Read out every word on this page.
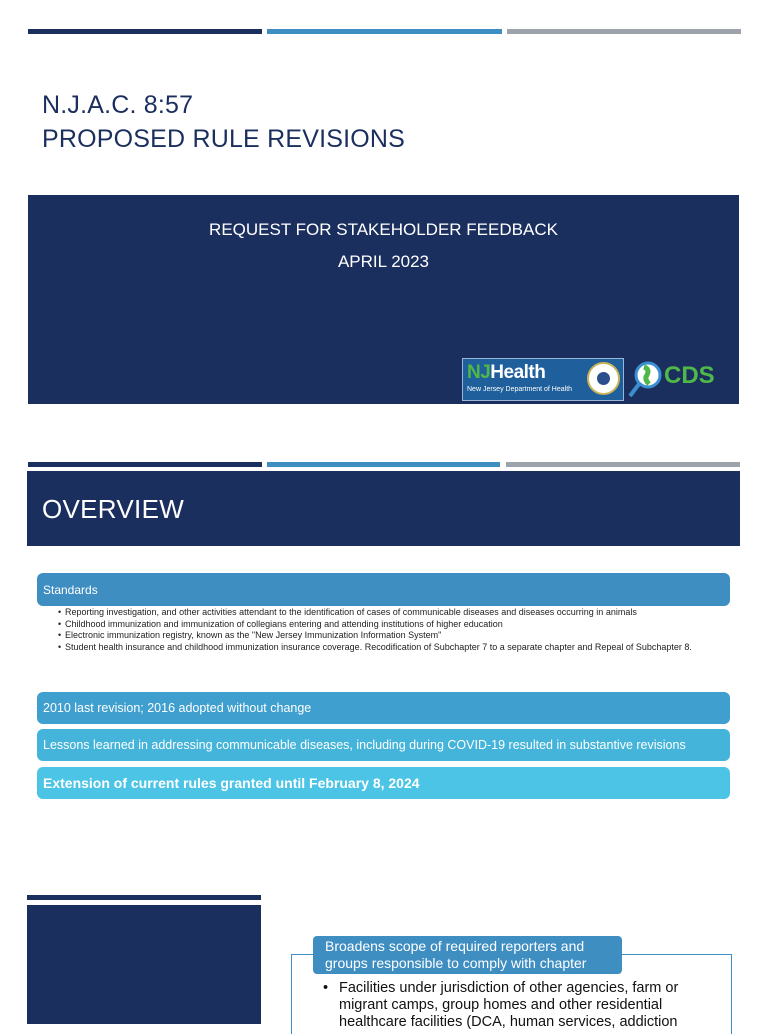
N.J.A.C. 8:57
PROPOSED RULE REVISIONS
REQUEST FOR STAKEHOLDER FEEDBACK
APRIL 2023
NJHealth
New Jersey Department of Health
CDS
OVERVIEW
Standards
• Reporting investigation, and other activities attendant to the identification of cases of communicable diseases and diseases occurring in animals
• Childhood immunization and immunization of collegians entering and attending institutions of higher education
• Electronic immunization registry, known as the "New Jersey Immunization Information System"
• Student health insurance and childhood immunization insurance coverage. Recodification of Subchapter 7 to a separate chapter and Repeal of Subchapter 8.
2010 last revision; 2016 adopted without change
Lessons learned in addressing communicable diseases, including during COVID-19 resulted in substantive revisions
Extension of current rules granted until February 8, 2024
Broadens scope of required reporters and groups responsible to comply with chapter
• Facilities under jurisdiction of other agencies, farm or migrant camps, group homes and other residential healthcare facilities (DCA, human services, addiction
